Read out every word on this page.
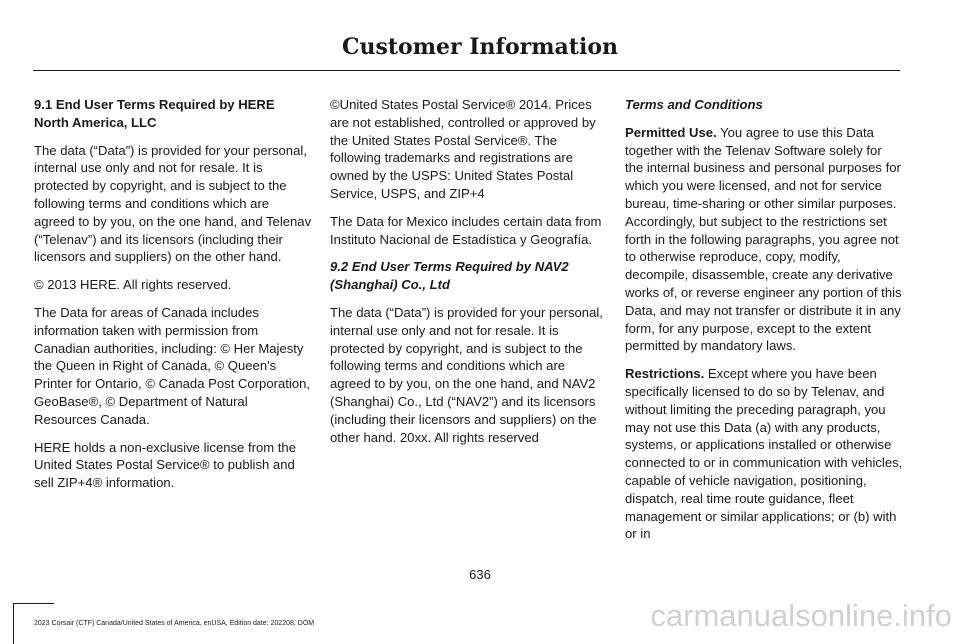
Customer Information
9.1 End User Terms Required by HERE North America, LLC

The data (“Data”) is provided for your personal, internal use only and not for resale. It is protected by copyright, and is subject to the following terms and conditions which are agreed to by you, on the one hand, and Telenav (“Telenav”) and its licensors (including their licensors and suppliers) on the other hand.

© 2013 HERE. All rights reserved.

The Data for areas of Canada includes information taken with permission from Canadian authorities, including: © Her Majesty the Queen in Right of Canada, © Queen's Printer for Ontario, © Canada Post Corporation, GeoBase®, © Department of Natural Resources Canada.

HERE holds a non-exclusive license from the United States Postal Service® to publish and sell ZIP+4® information.

©United States Postal Service® 2014. Prices are not established, controlled or approved by the United States Postal Service®. The following trademarks and registrations are owned by the USPS: United States Postal Service, USPS, and ZIP+4

The Data for Mexico includes certain data from Instituto Nacional de Estadística y Geografía.

9.2 End User Terms Required by NAV2 (Shanghai) Co., Ltd

The data (“Data”) is provided for your personal, internal use only and not for resale. It is protected by copyright, and is subject to the following terms and conditions which are agreed to by you, on the one hand, and NAV2 (Shanghai) Co., Ltd (“NAV2”) and its licensors (including their licensors and suppliers) on the other hand. 20xx. All rights reserved

Terms and Conditions

Permitted Use. You agree to use this Data together with the Telenav Software solely for the internal business and personal purposes for which you were licensed, and not for service bureau, time-sharing or other similar purposes. Accordingly, but subject to the restrictions set forth in the following paragraphs, you agree not to otherwise reproduce, copy, modify, decompile, disassemble, create any derivative works of, or reverse engineer any portion of this Data, and may not transfer or distribute it in any form, for any purpose, except to the extent permitted by mandatory laws.

Restrictions. Except where you have been specifically licensed to do so by Telenav, and without limiting the preceding paragraph, you may not use this Data (a) with any products, systems, or applications installed or otherwise connected to or in communication with vehicles, capable of vehicle navigation, positioning, dispatch, real time route guidance, fleet management or similar applications; or (b) with or in

636
2023 Corsair (CTF) Canada/United States of America, enUSA, Edition date: 202208, DOM	carmanualsonline.info
